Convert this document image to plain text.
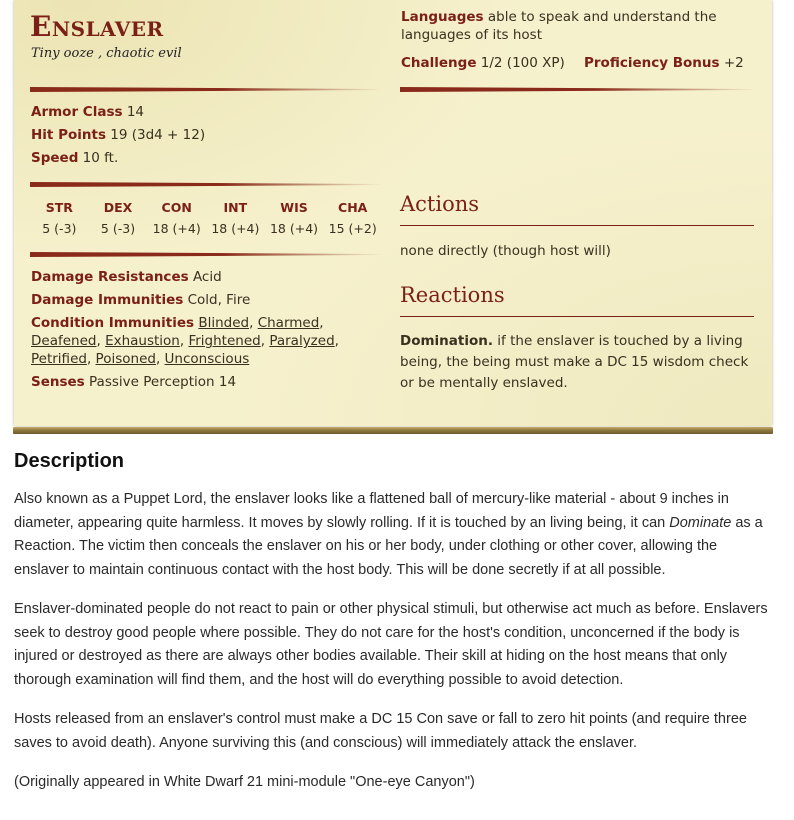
Enslaver
Tiny ooze , chaotic evil
Armor Class 14
Hit Points 19 (3d4 + 12)
Speed 10 ft.
STR	DEX	CON	INT	WIS	CHA
5 (-3)	5 (-3)	18 (+4) 18 (+4) 18 (+4) 15 (+2)
Damage Resistances Acid
Damage Immunities Cold, Fire
Condition Immunities Blinded, Charmed, Deafened, Exhaustion, Frightened, Paralyzed, Petrified, Poisoned, Unconscious
Senses Passive Perception 14
Languages able to speak and understand the languages of its host
Challenge 1/2 (100 XP)	Proficiency Bonus +2
Actions
none directly (though host will)
Reactions
Domination. if the enslaver is touched by a living being, the being must make a DC 15 wisdom check or be mentally enslaved.
Description

Also known as a Puppet Lord, the enslaver looks like a flattened ball of mercury-like material - about 9 inches in diameter, appearing quite harmless. It moves by slowly rolling. If it is touched by an living being, it can Dominate as a Reaction. The victim then conceals the enslaver on his or her body, under clothing or other cover, allowing the enslaver to maintain continuous contact with the host body. This will be done secretly if at all possible.

Enslaver-dominated people do not react to pain or other physical stimuli, but otherwise act much as before. Enslavers seek to destroy good people where possible. They do not care for the host's condition, unconcerned if the body is injured or destroyed as there are always other bodies available. Their skill at hiding on the host means that only thorough examination will find them, and the host will do everything possible to avoid detection.

Hosts released from an enslaver's control must make a DC 15 Con save or fall to zero hit points (and require three saves to avoid death). Anyone surviving this (and conscious) will immediately attack the enslaver.

(Originally appeared in White Dwarf 21 mini-module "One-eye Canyon")
